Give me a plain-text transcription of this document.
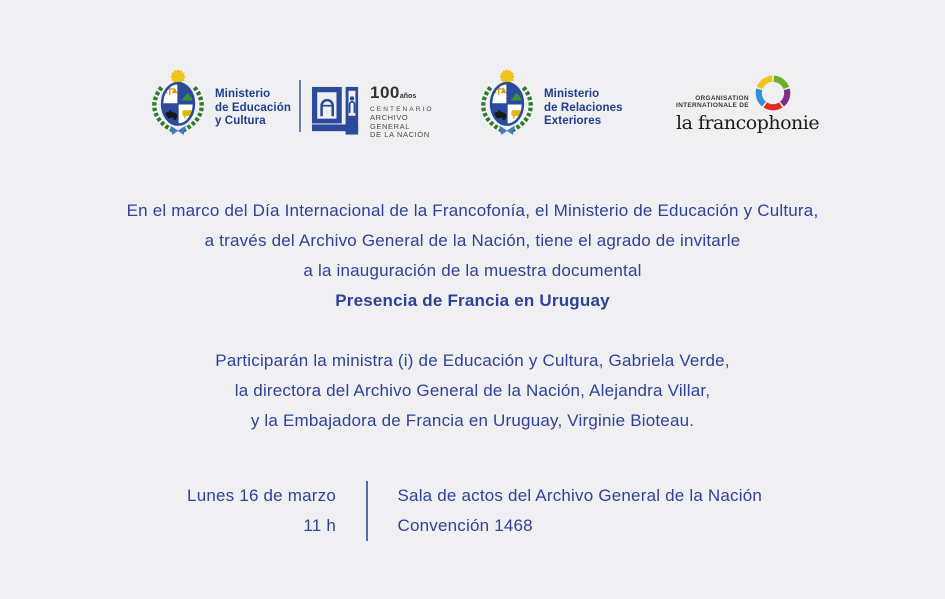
Ministerio
de Educación
y Cultura
100años
CENTENARIO
ARCHIVO
GENERAL
DE LA NACIÓN
Ministerio
de Relaciones
Exteriores
ORGANISATION
INTERNATIONALE DE
la francophonie
En el marco del Día Internacional de la Francofonía, el Ministerio de Educación y Cultura,
a través del Archivo General de la Nación, tiene el agrado de invitarle
a la inauguración de la muestra documental
Presencia de Francia en Uruguay
Participarán la ministra (i) de Educación y Cultura, Gabriela Verde,
la directora del Archivo General de la Nación, Alejandra Villar,
y la Embajadora de Francia en Uruguay, Virginie Bioteau.
Lunes 16 de marzo
11 h
Sala de actos del Archivo General de la Nación
Convención 1468
